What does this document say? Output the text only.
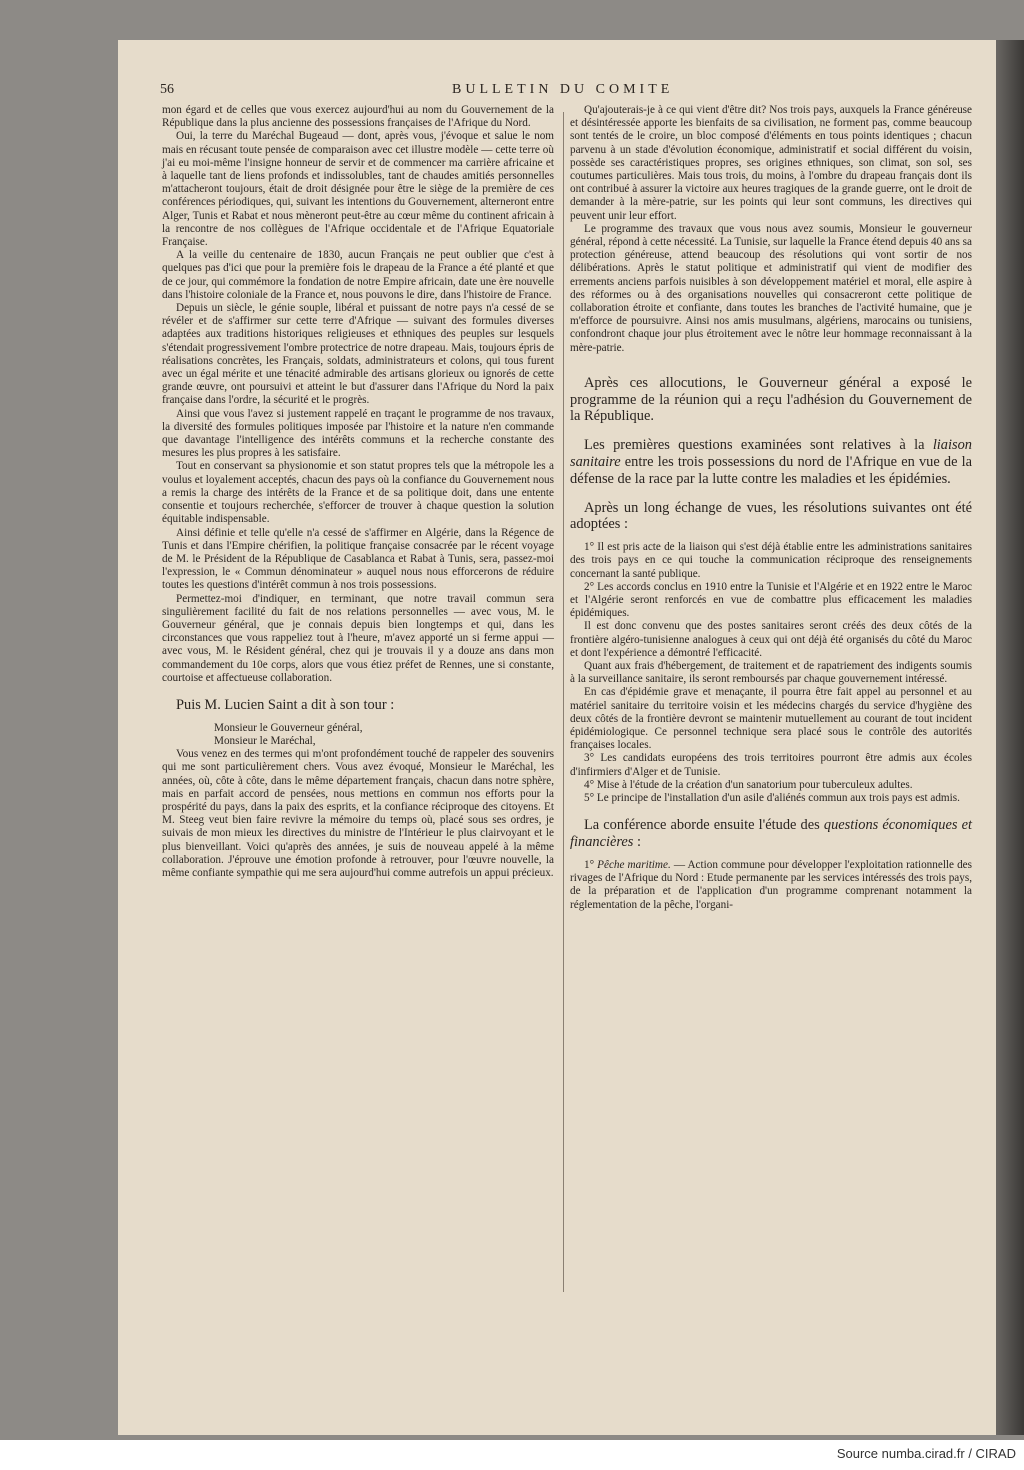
56	BULLETIN DU COMITE

mon égard et de celles que vous exercez aujourd'hui au nom du Gouvernement de la République dans la plus ancienne des possessions françaises de l'Afrique du Nord.

Oui, la terre du Maréchal Bugeaud — dont, après vous, j'évoque et salue le nom mais en récusant toute pensée de comparaison avec cet illustre modèle — cette terre où j'ai eu moi-même l'insigne honneur de servir et de commencer ma carrière africaine et à laquelle tant de liens profonds et indissolubles, tant de chaudes amitiés personnelles m'attacheront toujours, était de droit désignée pour être le siège de la première de ces conférences périodiques, qui, suivant les intentions du Gouvernement, alterneront entre Alger, Tunis et Rabat et nous mèneront peut-être au cœur même du continent africain à la rencontre de nos collègues de l'Afrique occidentale et de l'Afrique Equatoriale Française.

A la veille du centenaire de 1830, aucun Français ne peut oublier que c'est à quelques pas d'ici que pour la première fois le drapeau de la France a été planté et que de ce jour, qui commémore la fondation de notre Empire africain, date une ère nouvelle dans l'histoire coloniale de la France et, nous pouvons le dire, dans l'histoire de France.

Depuis un siècle, le génie souple, libéral et puissant de notre pays n'a cessé de se révéler et de s'affirmer sur cette terre d'Afrique — suivant des formules diverses adaptées aux traditions historiques religieuses et ethniques des peuples sur lesquels s'étendait progressivement l'ombre protectrice de notre drapeau. Mais, toujours épris de réalisations concrètes, les Français, soldats, administrateurs et colons, qui tous furent avec un égal mérite et une ténacité admirable des artisans glorieux ou ignorés de cette grande œuvre, ont poursuivi et atteint le but d'assurer dans l'Afrique du Nord la paix française dans l'ordre, la sécurité et le progrès.

Ainsi que vous l'avez si justement rappelé en traçant le programme de nos travaux, la diversité des formules politiques imposée par l'histoire et la nature n'en commande que davantage l'intelligence des intérêts communs et la recherche constante des mesures les plus propres à les satisfaire.

Tout en conservant sa physionomie et son statut propres tels que la métropole les a voulus et loyalement acceptés, chacun des pays où la confiance du Gouvernement nous a remis la charge des intérêts de la France et de sa politique doit, dans une entente consentie et toujours recherchée, s'efforcer de trouver à chaque question la solution équitable indispensable.

Ainsi définie et telle qu'elle n'a cessé de s'affirmer en Algérie, dans la Régence de Tunis et dans l'Empire chérifien, la politique française consacrée par le récent voyage de M. le Président de la République de Casablanca et Rabat à Tunis, sera, passez-moi l'expression, le « Commun dénominateur » auquel nous nous efforcerons de réduire toutes les questions d'intérêt commun à nos trois possessions.

Permettez-moi d'indiquer, en terminant, que notre travail commun sera singulièrement facilité du fait de nos relations personnelles — avec vous, M. le Gouverneur général, que je connais depuis bien longtemps et qui, dans les circonstances que vous rappeliez tout à l'heure, m'avez apporté un si ferme appui — avec vous, M. le Résident général, chez qui je trouvais il y a douze ans dans mon commandement du 10e corps, alors que vous étiez préfet de Rennes, une si constante, courtoise et affectueuse collaboration.

Puis M. Lucien Saint a dit à son tour :

Monsieur le Gouverneur général,

Monsieur le Maréchal,

Vous venez en des termes qui m'ont profondément touché de rappeler des souvenirs qui me sont particulièrement chers. Vous avez évoqué, Monsieur le Maréchal, les années, où, côte à côte, dans le même département français, chacun dans notre sphère, mais en parfait accord de pensées, nous mettions en commun nos efforts pour la prospérité du pays, dans la paix des esprits, et la confiance réciproque des citoyens. Et M. Steeg veut bien faire revivre la mémoire du temps où, placé sous ses ordres, je suivais de mon mieux les directives du ministre de l'Intérieur le plus clairvoyant et le plus bienveillant. Voici qu'après des années, je suis de nouveau appelé à la même collaboration. J'éprouve une émotion profonde à retrouver, pour l'œuvre nouvelle, la même confiante sympathie qui me sera aujourd'hui comme autrefois un appui précieux.

Qu'ajouterais-je à ce qui vient d'être dit? Nos trois pays, auxquels la France généreuse et désintéressée apporte les bienfaits de sa civilisation, ne forment pas, comme beaucoup sont tentés de le croire, un bloc composé d'éléments en tous points identiques ; chacun parvenu à un stade d'évolution économique, administratif et social différent du voisin, possède ses caractéristiques propres, ses origines ethniques, son climat, son sol, ses coutumes particulières. Mais tous trois, du moins, à l'ombre du drapeau français dont ils ont contribué à assurer la victoire aux heures tragiques de la grande guerre, ont le droit de demander à la mère-patrie, sur les points qui leur sont communs, les directives qui peuvent unir leur effort.

Le programme des travaux que vous nous avez soumis, Monsieur le gouverneur général, répond à cette nécessité. La Tunisie, sur laquelle la France étend depuis 40 ans sa protection généreuse, attend beaucoup des résolutions qui vont sortir de nos délibérations. Après le statut politique et administratif qui vient de modifier des errements anciens parfois nuisibles à son développement matériel et moral, elle aspire à des réformes ou à des organisations nouvelles qui consacreront cette politique de collaboration étroite et confiante, dans toutes les branches de l'activité humaine, que je m'efforce de poursuivre. Ainsi nos amis musulmans, algériens, marocains ou tunisiens, confondront chaque jour plus étroitement avec le nôtre leur hommage reconnaissant à la mère-patrie.

Après ces allocutions, le Gouverneur général a exposé le programme de la réunion qui a reçu l'adhésion du Gouvernement de la République.

Les premières questions examinées sont relatives à la liaison sanitaire entre les trois possessions du nord de l'Afrique en vue de la défense de la race par la lutte contre les maladies et les épidémies.

Après un long échange de vues, les résolutions suivantes ont été adoptées :

1° Il est pris acte de la liaison qui s'est déjà établie entre les administrations sanitaires des trois pays en ce qui touche la communication réciproque des renseignements concernant la santé publique.

2° Les accords conclus en 1910 entre la Tunisie et l'Algérie et en 1922 entre le Maroc et l'Algérie seront renforcés en vue de combattre plus efficacement les maladies épidémiques.

Il est donc convenu que des postes sanitaires seront créés des deux côtés de la frontière algéro-tunisienne analogues à ceux qui ont déjà été organisés du côté du Maroc et dont l'expérience a démontré l'efficacité.

Quant aux frais d'hébergement, de traitement et de rapatriement des indigents soumis à la surveillance sanitaire, ils seront remboursés par chaque gouvernement intéressé.

En cas d'épidémie grave et menaçante, il pourra être fait appel au personnel et au matériel sanitaire du territoire voisin et les médecins chargés du service d'hygiène des deux côtés de la frontière devront se maintenir mutuellement au courant de tout incident épidémiologique. Ce personnel technique sera placé sous le contrôle des autorités françaises locales.

3° Les candidats européens des trois territoires pourront être admis aux écoles d'infirmiers d'Alger et de Tunisie.

4° Mise à l'étude de la création d'un sanatorium pour tuberculeux adultes.

5° Le principe de l'installation d'un asile d'aliénés commun aux trois pays est admis.

La conférence aborde ensuite l'étude des questions économiques et financières :

1° Pêche maritime. — Action commune pour développer l'exploitation rationnelle des rivages de l'Afrique du Nord : Etude permanente par les services intéressés des trois pays, de la préparation et de l'application d'un programme comprenant notamment la réglementation de la pêche, l'organi-

Source numba.cirad.fr / CIRAD
